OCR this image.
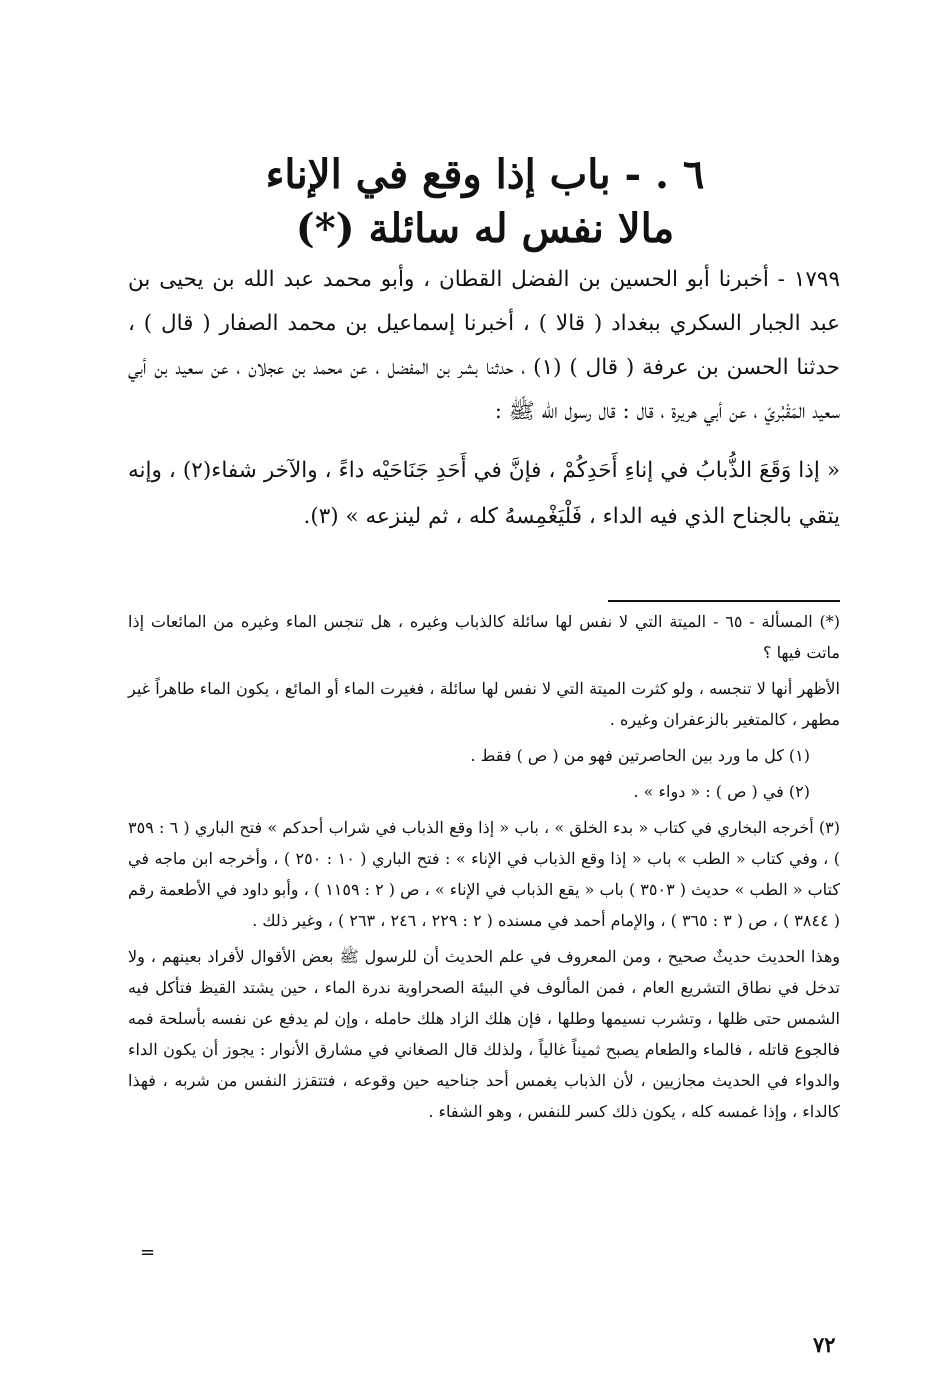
٦ . - باب إذا وقع في الإناء
مالا نفس له سائلة (*)

١٧٩٩ - أخبرنا أبو الحسين بن الفضل القطان ، وأبو محمد عبد الله بن يحيى بن عبد الجبار السكري ببغداد ( قالا ) ، أخبرنا إسماعيل بن محمد الصفار ( قال ) ، حدثنا الحسن بن عرفة ( قال ) (١) ، حدثنا بشر بن المفضل ، عن محمد بن عجلان ، عن سعيد بن أبي سعيد المَقْبُريّ ، عن أبي هريرة ، قال : قال رسول الله ﷺ :

« إذا وَقَعَ الذُّبابُ في إناءِ أَحَدِكُمْ ، فإنَّ في أَحَدِ جَنَاحَيْه داءً ، والآخر شفاء(٢) ، وإنه يتقي بالجناح الذي فيه الداء ، فَلْيَغْمِسهُ كله ، ثم لينزعه » (٣).

(*) المسألة - ٦٥ - الميتة التي لا نفس لها سائلة كالذباب وغيره ، هل تنجس الماء وغيره من المائعات إذا ماتت فيها ؟

الأظهر أنها لا تنجسه ، ولو كثرت الميتة التي لا نفس لها سائلة ، فغيرت الماء أو المائع ، يكون الماء طاهراً غير مطهر ، كالمتغير بالزعفران وغيره .

(١) كل ما ورد بين الحاصرتين فهو من ( ص ) فقط .

(٢) في ( ص ) : « دواء » .

(٣) أخرجه البخاري في كتاب « بدء الخلق » ، باب « إذا وقع الذباب في شراب أحدكم » فتح الباري ( ٦ : ٣٥٩ ) ، وفي كتاب « الطب » باب « إذا وقع الذباب في الإناء » : فتح الباري ( ١٠ : ٢٥٠ ) ، وأخرجه ابن ماجه في كتاب « الطب » حديث ( ٣٥٠٣ ) باب « يقع الذباب في الإناء » ، ص ( ٢ : ١١٥٩ ) ، وأبو داود في الأطعمة رقم ( ٣٨٤٤ ) ، ص ( ٣ : ٣٦٥ ) ، والإمام أحمد في مسنده ( ٢ : ٢٢٩ ، ٢٤٦ ، ٢٦٣ ) ، وغير ذلك .

وهذا الحديث حديثٌ صحيح ، ومن المعروف في علم الحديث أن للرسول ﷺ بعض الأقوال لأفراد بعينهم ، ولا تدخل في نطاق التشريع العام ، فمن المألوف في البيئة الصحراوية ندرة الماء ، حين يشتد القيظ فتأكل فيه الشمس حتى ظلها ، وتشرب نسيمها وطلها ، فإن هلك الزاد هلك حامله ، وإن لم يدفع عن نفسه بأسلحة فمه فالجوع قاتله ، فالماء والطعام يصبح ثميناً غالياً ، ولذلك قال الصغاني في مشارق الأنوار : يجوز أن يكون الداء والدواء في الحديث مجازيين ، لأن الذباب يغمس أحد جناحيه حين وقوعه ، فتتقزز النفس من شربه ، فهذا كالداء ، وإذا غمسه كله ، يكون ذلك كسر للنفس ، وهو الشفاء .

=
٧٢
